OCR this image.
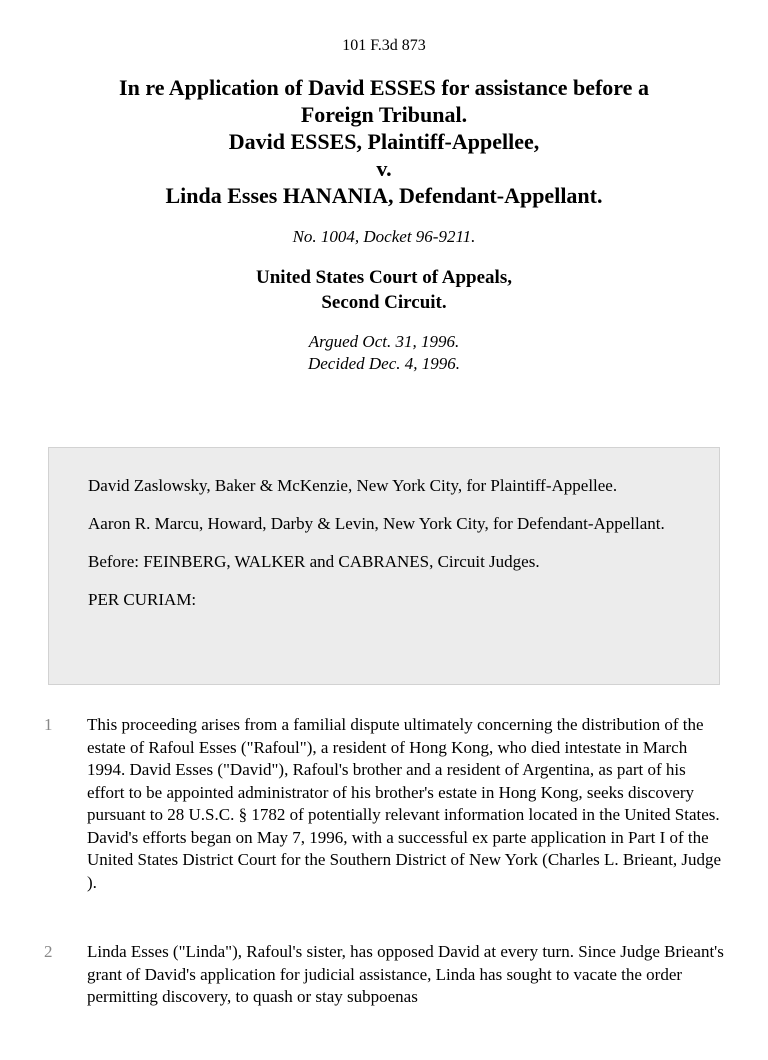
101 F.3d 873
In re Application of David ESSES for assistance before a
Foreign Tribunal.
David ESSES, Plaintiff-Appellee,
v.
Linda Esses HANANIA, Defendant-Appellant.
No. 1004, Docket 96-9211.
United States Court of Appeals,
Second Circuit.
Argued Oct. 31, 1996.
Decided Dec. 4, 1996.

David Zaslowsky, Baker & McKenzie, New York City, for Plaintiff-Appellee.

Aaron R. Marcu, Howard, Darby & Levin, New York City, for Defendant-Appellant.

Before: FEINBERG, WALKER and CABRANES, Circuit Judges.

PER CURIAM:

1	This proceeding arises from a familial dispute ultimately concerning the distribution of the estate of Rafoul Esses ("Rafoul"), a resident of Hong Kong, who died intestate in March 1994. David Esses ("David"), Rafoul's brother and a resident of Argentina, as part of his effort to be appointed administrator of his brother's estate in Hong Kong, seeks discovery pursuant to 28 U.S.C. § 1782 of potentially relevant information located in the United States. David's efforts began on May 7, 1996, with a successful ex parte application in Part I of the United States District Court for the Southern District of New York (Charles L. Brieant, Judge ).
2	Linda Esses ("Linda"), Rafoul's sister, has opposed David at every turn. Since Judge Brieant's grant of David's application for judicial assistance, Linda has sought to vacate the order permitting discovery, to quash or stay subpoenas
